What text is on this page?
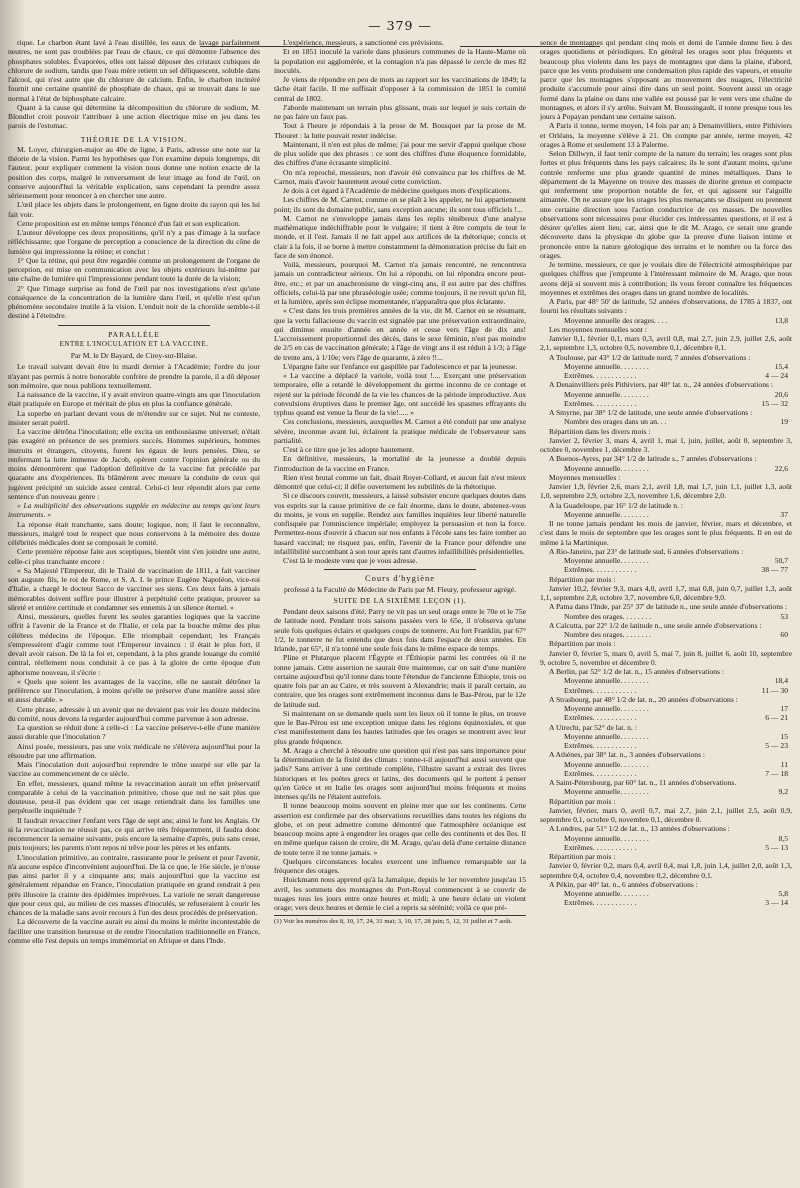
— 379 —

rique. Le charbon étant lavé à l'eau distillée, les eaux de lavage parfaitement neutres, ne sont pas troublées par l'eau de chaux, ce qui démontre l'absence des phosphates solubles. Évaporées, elles ont laissé déposer des cristaux cubiques de chlorure de sodium, tandis que l'eau mère retient un sel déliquescent, soluble dans l'alcool, qui n'est autre que du chlorure de calcium. Enfin, le charbon incinéré fournit une certaine quantité de phosphate de chaux, qui se trouvait dans le sue normal à l'état de biphosphate calcaire.

Quant à la cause qui détermine la décomposition du chlorure de sodium, M. Blondlot croit pouvoir l'attribuer à une action électrique mise en jeu dans les parois de l'estomac.

THÉORIE DE LA VISION.

M. Loyer, chirurgien-major au 40e de ligne, à Paris, adresse une note sur la théorie de la vision. Parmi les hypothèses que l'on examine depuis longtemps, dit l'auteur, pour expliquer comment la vision nous donne une notion exacte de la position des corps, malgré le renversement de leur image au fond de l'œil, on conserve aujourd'hui la véritable explication, sans cependant la prendre assez sérieusement pour renoncer à en chercher une autre.

L'œil place les objets dans le prolongement, en ligne droite du rayon qui les lui fait voir.

Cette proposition est en même temps l'énoncé d'un fait et son explication.

L'auteur développe ces deux propositions, qu'il n'y a pas d'image à la surface réfléchissante; que l'organe de perception a conscience de la direction du cône de lumière qui impressionne la rétine; et conclut :

1° Que la rétine, qui peut être regardée comme un prolongement de l'organe de perception, est mise en communication avec les objets extérieurs lui-même par une chaîne de lumière qui l'impressionne pendant toute la durée de la vision;

2° Que l'image surprise au fond de l'œil par nos investigations n'est qu'une conséquence de la concentration de la lumière dans l'œil, et qu'elle n'est qu'un phénomène secondaire inutile à la vision. L'enduit noir de la choroïde semble-t-il destiné à l'éteindre.

PARALLÈLE
ENTRE L'INOCULATION ET LA VACCINE.
Par M. le Dr Bayard, de Cirey-sur-Blaise.

Le travail suivant devait être lu mardi dernier à l'Académie; l'ordre du jour n'ayant pas permis à notre honorable confrère de prendre la parole, il a dû déposer son mémoire, que nous publions textuellement.

La naissance de la vaccine, il y avait environ quatre-vingts ans que l'inoculation était pratiquée en Europe et méritait de plus en plus la confiance générale.

La superbe en parlant devant vous de m'étendre sur ce sujet. Nul ne conteste, insister serait puéril.

La vaccine détrôna l'inoculation; elle excita un enthousiasme universel; n'était pas exagéré en présence de ses premiers succès. Hommes supérieurs, hommes instruits et étrangers, citoyens, furent les égaux de leurs pensées. Dieu, se renfermant la lutte immense de Jacob, opèrent contre l'opinion générale ou du moins démontrèrent que l'adoption définitive de la vaccine fut précédée par quarante ans d'expériences. Ils blâmèrent avec mesure la conduite de ceux qui jugèrent précipité un suicide assez central. Celui-ci leur répondit alors par cette sentence d'un nouveau genre :

« La multiplicité des observations supplée en médecine au temps qu'ont leurs instruments. »

La réponse était tranchante, sans doute; logique, non; il faut le reconnaître, messieurs, malgré tout le respect que nous conservons à la mémoire des douze célébrités médicales dont se composait le comité.

Cette première réponse faite aux sceptiques, bientôt vint s'en joindre une autre, celle-ci plus tranchante encore :

« Sa Majesté l'Empereur, dit le Traité de vaccination de 1811, a fait vacciner son auguste fils, le roi de Rome, et S. A. I. le prince Eugène Napoléon, vice-roi d'Italie, a chargé le docteur Sacco de vacciner ses siens. Ces deux faits à jamais mémorables doivent suffire pour illustrer à perpétuité cette pratique, prouver sa sûreté et entière certitude et condamner ses ennemis à un silence éternel. »

Ainsi, messieurs, quelles furent les seules garanties logiques que la vaccine offrit à l'avenir de la France et de l'Italie, et cela par la bouche même des plus célèbres médecins de l'époque. Elle triomphait cependant; les Français s'empressèrent d'agir comme tout l'Empereur invaincu : il était le plus fort, il devait avoir raison. De là la foi et, cependant, à la plus grande louange du comité central, réellement nous conduisit à ce pas à la gloire de cette époque d'un aphorisme nouveau, il s'écrie :

« Quels que soient les avantages de la vaccine, elle ne saurait détrôner la préférence sur l'inoculation, à moins qu'elle ne préserve d'une manière aussi sûre et aussi durable. »

Cette phrase, adressée à un avenir que ne devaient pas voir les douze médecins du comité, nous devons la regarder aujourd'hui comme parvenue à son adresse.

La question se réduit donc à celle-ci : La vaccine préserve-t-elle d'une manière aussi durable que l'inoculation ?

Ainsi posée, messieurs, pas une voix médicale ne s'élèvera aujourd'hui pour la résoudre par une affirmation.

Mais l'inoculation doit aujourd'hui reprendre le trône usurpé sur elle par la vaccine au commencement de ce siècle.

En effet, messieurs, quand même la revaccination aurait un effet préservatif comparable à celui de la vaccination primitive, chose que nul ne sait plus que douteuse, peut-il pas évident que cet usage retiendrait dans les familles une perpétuelle inquiétude ?

Il faudrait revacciner l'enfant vers l'âge de sept ans; ainsi le font les Anglais. Or si la revaccination ne réussit pas, ce qui arrive très fréquemment, il faudra donc recommencer la semaine suivante, puis encore la semaine d'après, puis sans cesse, puis toujours; les parents n'ont repos ni trêve pour les pères et les enfants.

L'inoculation primitive, au contraire, rassurante pour le présent et pour l'avenir, n'a aucune espèce d'inconvénient aujourd'hui. De là ce que, le 16e siècle, je n'ouse pas ainsi parler il y a cinquante ans; mais aujourd'hui que la vaccine est généralement répandue en France, l'inoculation pratiquée en grand rendrait à peu près illusoire la crainte des épidémies imprévues. La variole ne serait dangereuse que pour ceux qui, au milieu de ces masses d'inoculés, se refuseraient à courir les chances de la maladie sans avoir recours à l'un des deux procédés de préservation.

La découverte de la vaccine aurait eu ainsi du moins le mérite incontestable de faciliter une transition heureuse et de rendre l'inoculation traditionnelle en France, comme elle l'est depuis un temps immémorial en Afrique et dans l'Inde.

L'expérience, messieurs, a sanctionné ces prévisions.

Et en 1851 inoculé la variole dans plusieurs communes de la Haute-Marne où la population est agglomérée, et la contagion n'a pas dépassé le cercle de mes 82 inoculés.

Je viens de répondre en peu de mots au rapport sur les vaccinations de 1849; la tâche était facile. Il me suffisait d'opposer à la commission de 1851 le comité central de 1802.

J'aborde maintenant un terrain plus glissant, mais sur lequel je suis certain de ne pas faire un faux pas.

Tout à l'heure je répondais à la prose de M. Bousquet par la prose de M. Thouret : la lutte pouvait rester indécise.

Maintenant, il n'en est plus de même; j'ai pour me servir d'appui quelque chose de plus solide que des phrases : ce sont des chiffres d'une éloquence formidable, des chiffres d'une écrasante simplicité.

On m'a reproché, messieurs, non d'avoir été convaincu par les chiffres de M. Carnot, mais d'avoir hautement avoué cette conviction.

Je dois à cet égard à l'Académie de médecine quelques mots d'explications.

Les chiffres de M. Carnot, comme on se plaît à les appeler, ne lui appartiennent point; ils sont du domaine public, sans exception aucune; ils sont tous officiels !...

M. Carnot ne s'enveloppe jamais dans les replis ténébreux d'une analyse mathématique indéchiffrable pour le vulgaire; il tient à être compris de tout le monde, et il l'est. Jamais il ne fait appel aux artifices de la rhétorique; concis et clair à la fois, il se borne à mettre constamment la démonstration précise du fait en face de son énoncé.

Voilà, messieurs, pourquoi M. Carnot n'a jamais rencontré, ne rencontrera jamais un contradicteur sérieux. On lui a répondu, on lui répondra encore peut-être, etc.; et par un anachronisme de vingt-cinq ans, il est autre par des chiffres officiels, celui-là par une phraséologie usée; comme toujours, il ne revoit qu'un fil, et la lumière, après son éclipse momentanée, n'apparaîtra que plus éclatante.

« C'est dans les trois premières années de la vie, dit M. Carnot en se résumant, que la vertu fallacieuse du vaccin est signalée par une préservation extraordinaire, qui diminue ensuite d'année en année et cesse vers l'âge de dix ans! L'accroissement proportionnel des décès, dans le sexe féminin, n'est pas moindre de 2/5 en cas de vaccination générale; à l'âge de vingt ans il est réduit à 1/3; à l'âge de trente ans, à 1/10e; vers l'âge de quarante, à zéro !!...

L'épargne faite sur l'enfance est gaspillée par l'adolescence et par la jeunesse.

« La vaccine a déplacé la variole, voilà tout !.... Exerçant une préservation temporaire, elle a retardé le développement du germe inconnu de ce contage et rejeté sur la période fécondé de la vie les chances de la période improductive. Aux convulsions éruptives dans le premier âge, ont succédé les spasmes effrayants du typhus quand est venue la fleur de la vie!..... »

Ces conclusions, messieurs, auxquelles M. Carnot a été conduit par une analyse sévère, inconnue avant lui, éclairent la pratique médicale de l'observateur sans partialité.

C'est à ce titre que je les adopte hautement.

En définitive, messieurs, la mortalité de la jeunesse a doublé depuis l'introduction de la vaccine en France.

Rien n'est brutal comme un fait, disait Royer-Collard, et aucun fait n'est mieux démontré que celui-ci; il défie ouvertement les subtilités de la rhétorique.

Si ce discours couvrit, messieurs, a laissé subsister encore quelques doutes dans vos esprits sur la cause primitive de ce fait énorme, dans le doute, abstenez-vous du moins, je vous en supplie. Rendez aux familles inquiètes leur liberté naturelle confisquée par l'omniscience impériale; employez la persuasion et non la force. Permettez-nous d'ouvrir à chacun sur nos enfants à l'école sans les faire tomber au hasard vaccinal; ne risquez pas, enfin, l'avenir de la France pour défendre une infaillibilité succombant à son tour après tant d'autres infaillibilités présidentielles.

C'est là le modeste vœu que je vous adresse.

Cours d'hygiène
professé à la Faculté de Médecine de Paris par M. Fleury, professeur agrégé.
SUITE DE LA SIXIÈME LEÇON (1).

Pendant deux saisons d'été, Parry ne vit pas un seul orage entre le 70e et le 75e de latitude nord. Pendant trois saisons passées vers le 65e, il n'observa qu'une seule fois quelques éclairs et quelques coups de tonnerre. Au fort Franklin, par 67° 1/2, le tonnerre ne fut entendu que deux fois dans l'espace de deux années. En Irlande, par 65°, il n'a tonné une seule fois dans le même espace de temps.

Pline et Plutarque placent l'Égypte et l'Éthiopie parmi les contrées où il ne tonne jamais. Cette assertion ne saurait être maintenue, car on sait d'une manière certaine aujourd'hui qu'il tonne dans toute l'étendue de l'ancienne Éthiopie, trois ou quatre fois par an au Caire, et très souvent à Alexandrie; mais il paraît certain, au contraire, que les orages sont extrêmement inconnus dans le Bas-Pérou, par le 12e de latitude sud.

Si maintenant on se demande quels sont les lieux où il tonne le plus, on trouve que le Bas-Pérou est une exception unique dans les régions équinoxiales, et que c'est manifestement dans les hautes latitudes que les orages se montrent avec leur plus grande fréquence.

M. Arago a cherché à résoudre une question qui n'est pas sans importance pour la détermination de la fixité des climats : tonne-t-il aujourd'hui aussi souvent que jadis? Sans arriver à une certitude complète, l'illustre savant a extrait des livres historiques et les poètes grecs et latins, des documents qui le portent à penser qu'en Grèce et en Italie les orages sont aujourd'hui moins fréquents et moins intenses qu'ils ne l'étaient autrefois.

Il tonne beaucoup moins souvent en pleine mer que sur les continents. Cette assertion est confirmée par des observations recueillies dans toutes les régions du globe, et on peut admettre comme démontré que l'atmosphère océanique est beaucoup moins apte à engendrer les orages que celle des continents et des îles. Il en même quelque raison de croire, dit M. Arago, qu'au delà d'une certaine distance de toute terre il ne tonne jamais. »

Quelques circonstances locales exercent une influence remarquable sur la fréquence des orages.

Huickmann nous apprend qu'à la Jamaïque, depuis le 1er novembre jusqu'au 15 avril, les sommets des montagnes du Port-Royal commencent à se couvrir de nuages tous les jours entre onze heures et midi; à une heure éclate un violent orage; vers deux heures et demie le ciel a repris sa sérénité; voilà ce que pré-

(1) Voir les numéros des 8, 10, 17, 24, 31 mai; 3, 10, 17, 28 juin; 5, 12, 31 juillet et 7 août.

sence de montagnes qui pendant cinq mois et demi de l'année donne lieu à des orages quotidiens et périodiques. En général les orages sont plus fréquents et beaucoup plus violents dans les pays de montagnes que dans la plaine, d'abord, parce que les vents produisent une condensation plus rapide des vapeurs, et ensuite parce que les montagnes s'opposant au mouvement des nuages, l'électricité produite s'accumule pour ainsi dire dans un seul point. Souvent aussi un orage formé dans la plaine ou dans une vallée est poussé par le vent vers une chaîne de montagnes, et alors il s'y arrête. Suivant M. Boussingault, il tonne presque tous les jours à Popayan pendant une certaine saison.

A Paris il tonne, terme moyen, 14 fois par an; à Denainvilliers, entre Pithiviers et Orléans, la moyenne s'élève à 21. On compte par année, terme moyen, 42 orages à Rome et seulement 13 à Palerme.

Selon Dillwyn, il faut tenir compte de la nature du terrain; les orages sont plus fortes et plus fréquents dans les pays calcaires; ils le sont d'autant moins, qu'une contrée renferme une plus grande quantité de mines métalliques. Dans le département de la Mayenne on trouve des masses de diorite grenue et compacte qui renferment une proportion notable de fer, et qui agissent sur l'aiguille aimantée. On ne assure que les orages les plus menaçants se dissipent ou prennent une certaine direction sous l'action conductrice de ces masses. De nouvelles observations sont nécessaires pour élucider ces intéressantes questions, et il est à désirer qu'elles aient lieu; car, ainsi que le dit M. Arago, ce serait une grande découverte dans la physique du globe que la preuve d'une liaison intime et prononcée entre la nature géologique des terrains et le nombre ou la force des orages.

Je termine, messieurs, ce que je voulais dire de l'électricité atmosphérique par quelques chiffres que j'emprunte à l'intéressant mémoire de M. Arago, que nous avons déjà si souvent mis à contribution; ils vous feront connaître les fréquences moyennes et extrêmes des orages dans un grand nombre de localités.

A Paris, par 48° 50' de latitude, 52 années d'observations, de 1785 à 1837, ont fourni les résultats suivants :

Moyenne annuelle des orages. . . .	13,8

Les moyennes mensuelles sont :

Janvier 0,1, février 0,1, mars 0,3, avril 0,8, mai 2,7, juin 2,9, juillet 2,6, août 2,1, septembre 1,3, octobre 0,5, novembre 0,1, décembre 0,1.

A Toulouse, par 43° 1/2 de latitude nord, 7 années d'observations :

Moyenne annuelle. . . . . . . .	15,4
Extrêmes. . . . . . . . . . . .	4 — 24

A Denainvilliers près Pithiviers, par 48° lat. n., 24 années d'observations :

Moyenne annuelle. . . . . . . .	20,6
Extrêmes. . . . . . . . . . . .	15 — 32

A Smyrne, par 38° 1/2 de latitude, une seule année d'observations :

Nombre des orages dans un an. . .	19

Répartition dans les divers mois :

Janvier 2, février 3, mars 4, avril 1, mai 1, juin, juillet, août 0, septembre 3, octobre 0, novembre 1, décembre 3.

A Buenos-Ayres, par 34° 1/2 de latitude s., 7 années d'observations :

Moyenne annuelle. . . . . . . .	22,6

Moyennes mensuelles :

Janvier 1,9, février 2,6, mars 2,1, avril 1,8, mai 1,7, juin 1,1, juillet 1,3, août 1,0, septembre 2,9, octobre 2,3, novembre 1,6, décembre 2,0.

A la Guadeloupe, par 16° 1/2 de latitude n. :

Moyenne annuelle. . . . . . . .	37

Il ne tonne jamais pendant les mois de janvier, février, mars et décembre, et c'est dans le mois de septembre que les orages sont le plus fréquents. Il en est de même à la Martinique.

A Rio-Janeiro, par 23° de latitude sud, 6 années d'observations :

Moyenne annuelle. . . . . . . .	50,7
Extrêmes. . . . . . . . . . . .	38 — 77

Répartition par mois :

Janvier 10,2, février 9,3, mars 4,0, avril 1,7, mai 0,8, juin 0,7, juillet 1,3, août 1,1, septembre 2,8, octobre 3,7, novembre 6,0, décembre 9,0.

A Patna dans l'Inde, par 25° 37' de latitude n., une seule année d'observations :

Nombre des orages. . . . . . . .	53

A Calcutta, par 22° 1/2 de latitude n., une seule année d'observations :

Nombre des orages. . . . . . . .	60

Répartition par mois :

Janvier 0, février 5, mars 0, avril 5, mai 7, juin 8, juillet 6, août 10, septembre 9, octobre 5, novembre et décembre 0.

A Berlin, par 52° 1/2 de lat. n., 15 années d'observations :

Moyenne annuelle. . . . . . . .	18,4
Extrêmes. . . . . . . . . . . .	11 — 30

A Strasbourg, par 48° 1/2 de lat. n., 20 années d'observations :

Moyenne annuelle. . . . . . . .	17
Extrêmes. . . . . . . . . . . .	6 — 21

A Utrecht, par 52° de lat. n. :

Moyenne annuelle. . . . . . . .	15
Extrêmes. . . . . . . . . . . .	5 — 23

A Athènes, par 38° lat. n., 3 années d'observations :

Moyenne annuelle. . . . . . . .	11
Extrêmes. . . . . . . . . . . .	7 — 18

A Saint-Pétersbourg, par 60° lat. n., 11 années d'observations.

Moyenne annuelle. . . . . . . .	9,2

Répartition par mois :

Janvier, février, mars 0, avril 0,7, mai 2,7, juin 2,1, juillet 2,5, août 0,9, septembre 0,1, octobre 0, novembre 0,1, décembre 0.

A Londres, par 51° 1/2 de lat. n., 13 années d'observations :

Moyenne annuelle. . . . . . . .	8,5
Extrêmes. . . . . . . . . . . .	5 — 13

Répartition par mois :

Janvier 0, février 0,2, mars 0,4, avril 0,4, mai 1,8, juin 1,4, juillet 2,0, août 1,3, septembre 0,4, octobre 0,4, novembre 0,2, décembre 0,1.

A Pékin, par 40° lat. n., 6 années d'observations :

Moyenne annuelle. . . . . . . .	5,8
Extrêmes. . . . . . . . . . . .	3 — 14
